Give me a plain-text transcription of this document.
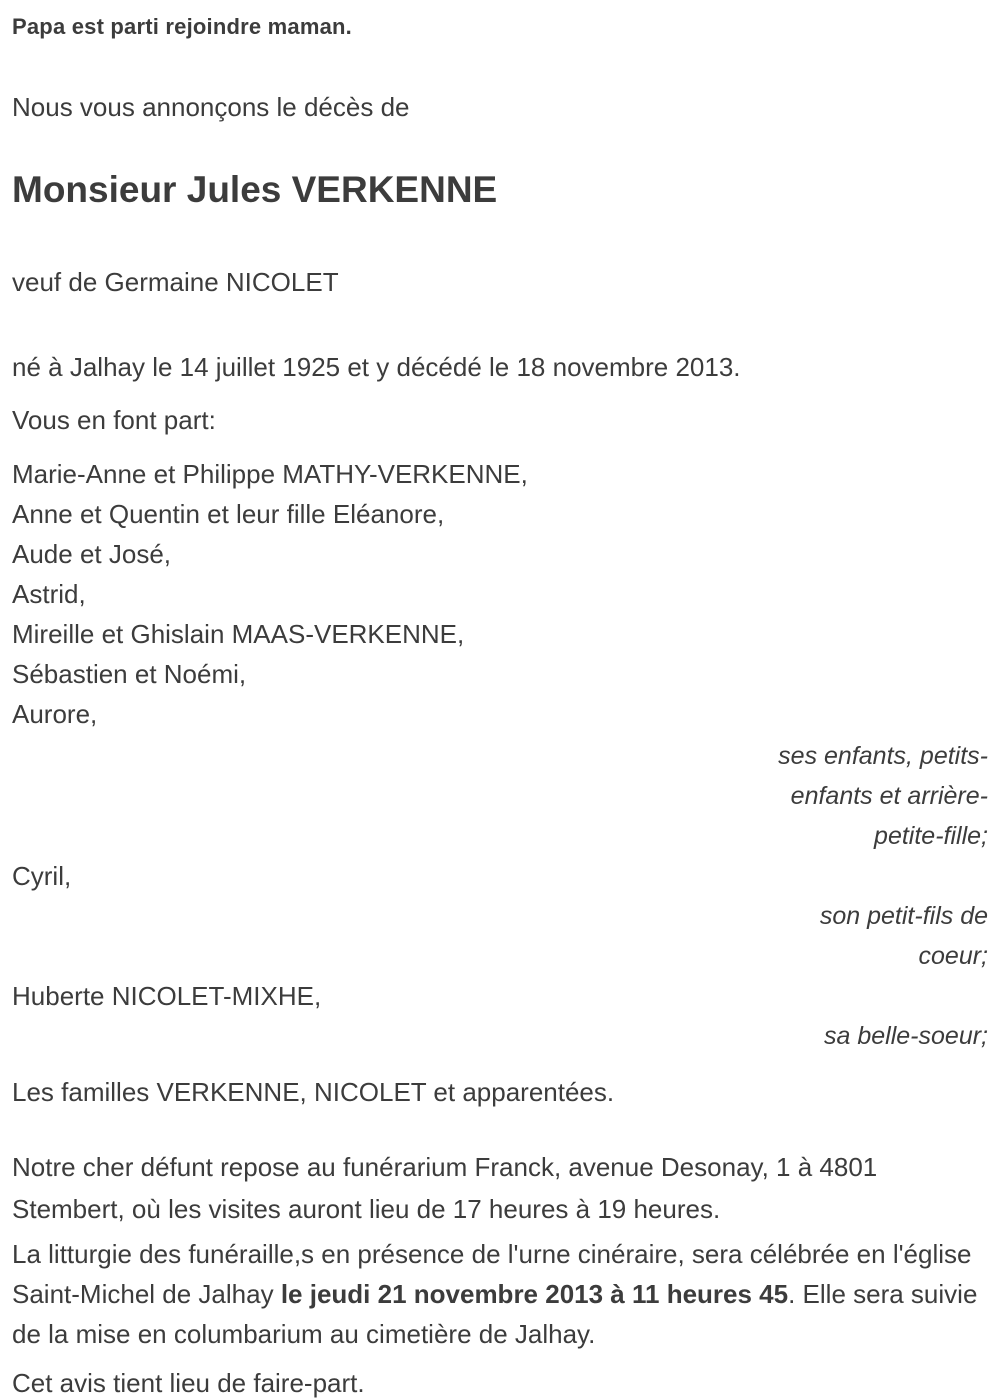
Papa est parti rejoindre maman.
Nous vous annonçons le décès de
Monsieur Jules VERKENNE
veuf de Germaine NICOLET
né à Jalhay le 14 juillet 1925 et y décédé le 18 novembre 2013.
Vous en font part:
Marie-Anne et Philippe MATHY-VERKENNE,
Anne et Quentin et leur fille Eléanore,
Aude et José,
Astrid,
Mireille et Ghislain MAAS-VERKENNE,
Sébastien et Noémi,
Aurore,
ses enfants, petits-enfants et arrière-petite-fille;
Cyril,
son petit-fils de coeur;
Huberte NICOLET-MIXHE,
sa belle-soeur;
Les familles VERKENNE, NICOLET et apparentées.
Notre cher défunt repose au funérarium Franck, avenue Desonay, 1 à 4801 Stembert, où les visites auront lieu de 17 heures à 19 heures.
La litturgie des funéraille,s en présence de l'urne cinéraire, sera célébrée en l'église Saint-Michel de Jalhay le jeudi 21 novembre 2013 à 11 heures 45. Elle sera suivie de la mise en columbarium au cimetière de Jalhay.
Cet avis tient lieu de faire-part.
